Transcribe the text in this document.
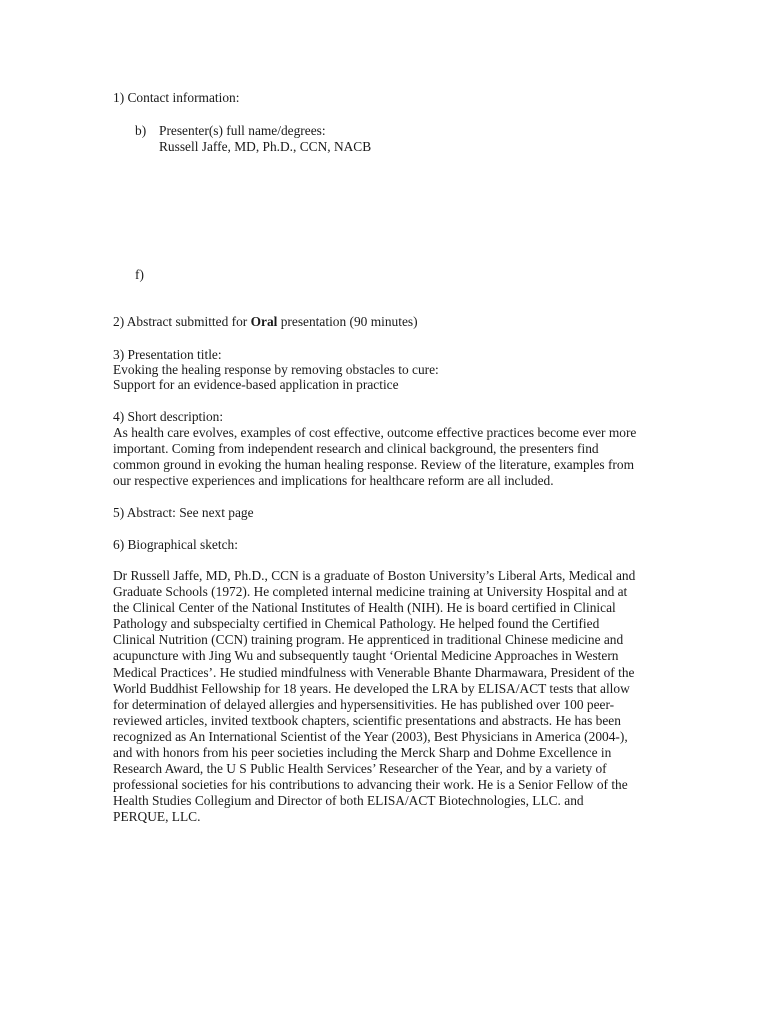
1) Contact information:
b) Presenter(s) full name/degrees:
Russell Jaffe, MD, Ph.D., CCN, NACB
f)
2) Abstract submitted for Oral presentation (90 minutes)
3) Presentation title:
Evoking the healing response by removing obstacles to cure:
Support for an evidence-based application in practice
4) Short description:
As health care evolves, examples of cost effective, outcome effective practices become ever more
important. Coming from independent research and clinical background, the presenters find
common ground in evoking the human healing response. Review of the literature, examples from
our respective experiences and implications for healthcare reform are all included.
5) Abstract: See next page
6) Biographical sketch:
Dr Russell Jaffe, MD, Ph.D., CCN is a graduate of Boston University’s Liberal Arts, Medical and
Graduate Schools (1972). He completed internal medicine training at University Hospital and at
the Clinical Center of the National Institutes of Health (NIH). He is board certified in Clinical
Pathology and subspecialty certified in Chemical Pathology. He helped found the Certified
Clinical Nutrition (CCN) training program. He apprenticed in traditional Chinese medicine and
acupuncture with Jing Wu and subsequently taught ‘Oriental Medicine Approaches in Western
Medical Practices’. He studied mindfulness with Venerable Bhante Dharmawara, President of the
World Buddhist Fellowship for 18 years. He developed the LRA by ELISA/ACT tests that allow
for determination of delayed allergies and hypersensitivities. He has published over 100 peer-
reviewed articles, invited textbook chapters, scientific presentations and abstracts. He has been
recognized as An International Scientist of the Year (2003), Best Physicians in America (2004-),
and with honors from his peer societies including the Merck Sharp and Dohme Excellence in
Research Award, the U S Public Health Services’ Researcher of the Year, and by a variety of
professional societies for his contributions to advancing their work. He is a Senior Fellow of the
Health Studies Collegium and Director of both ELISA/ACT Biotechnologies, LLC. and
PERQUE, LLC.
